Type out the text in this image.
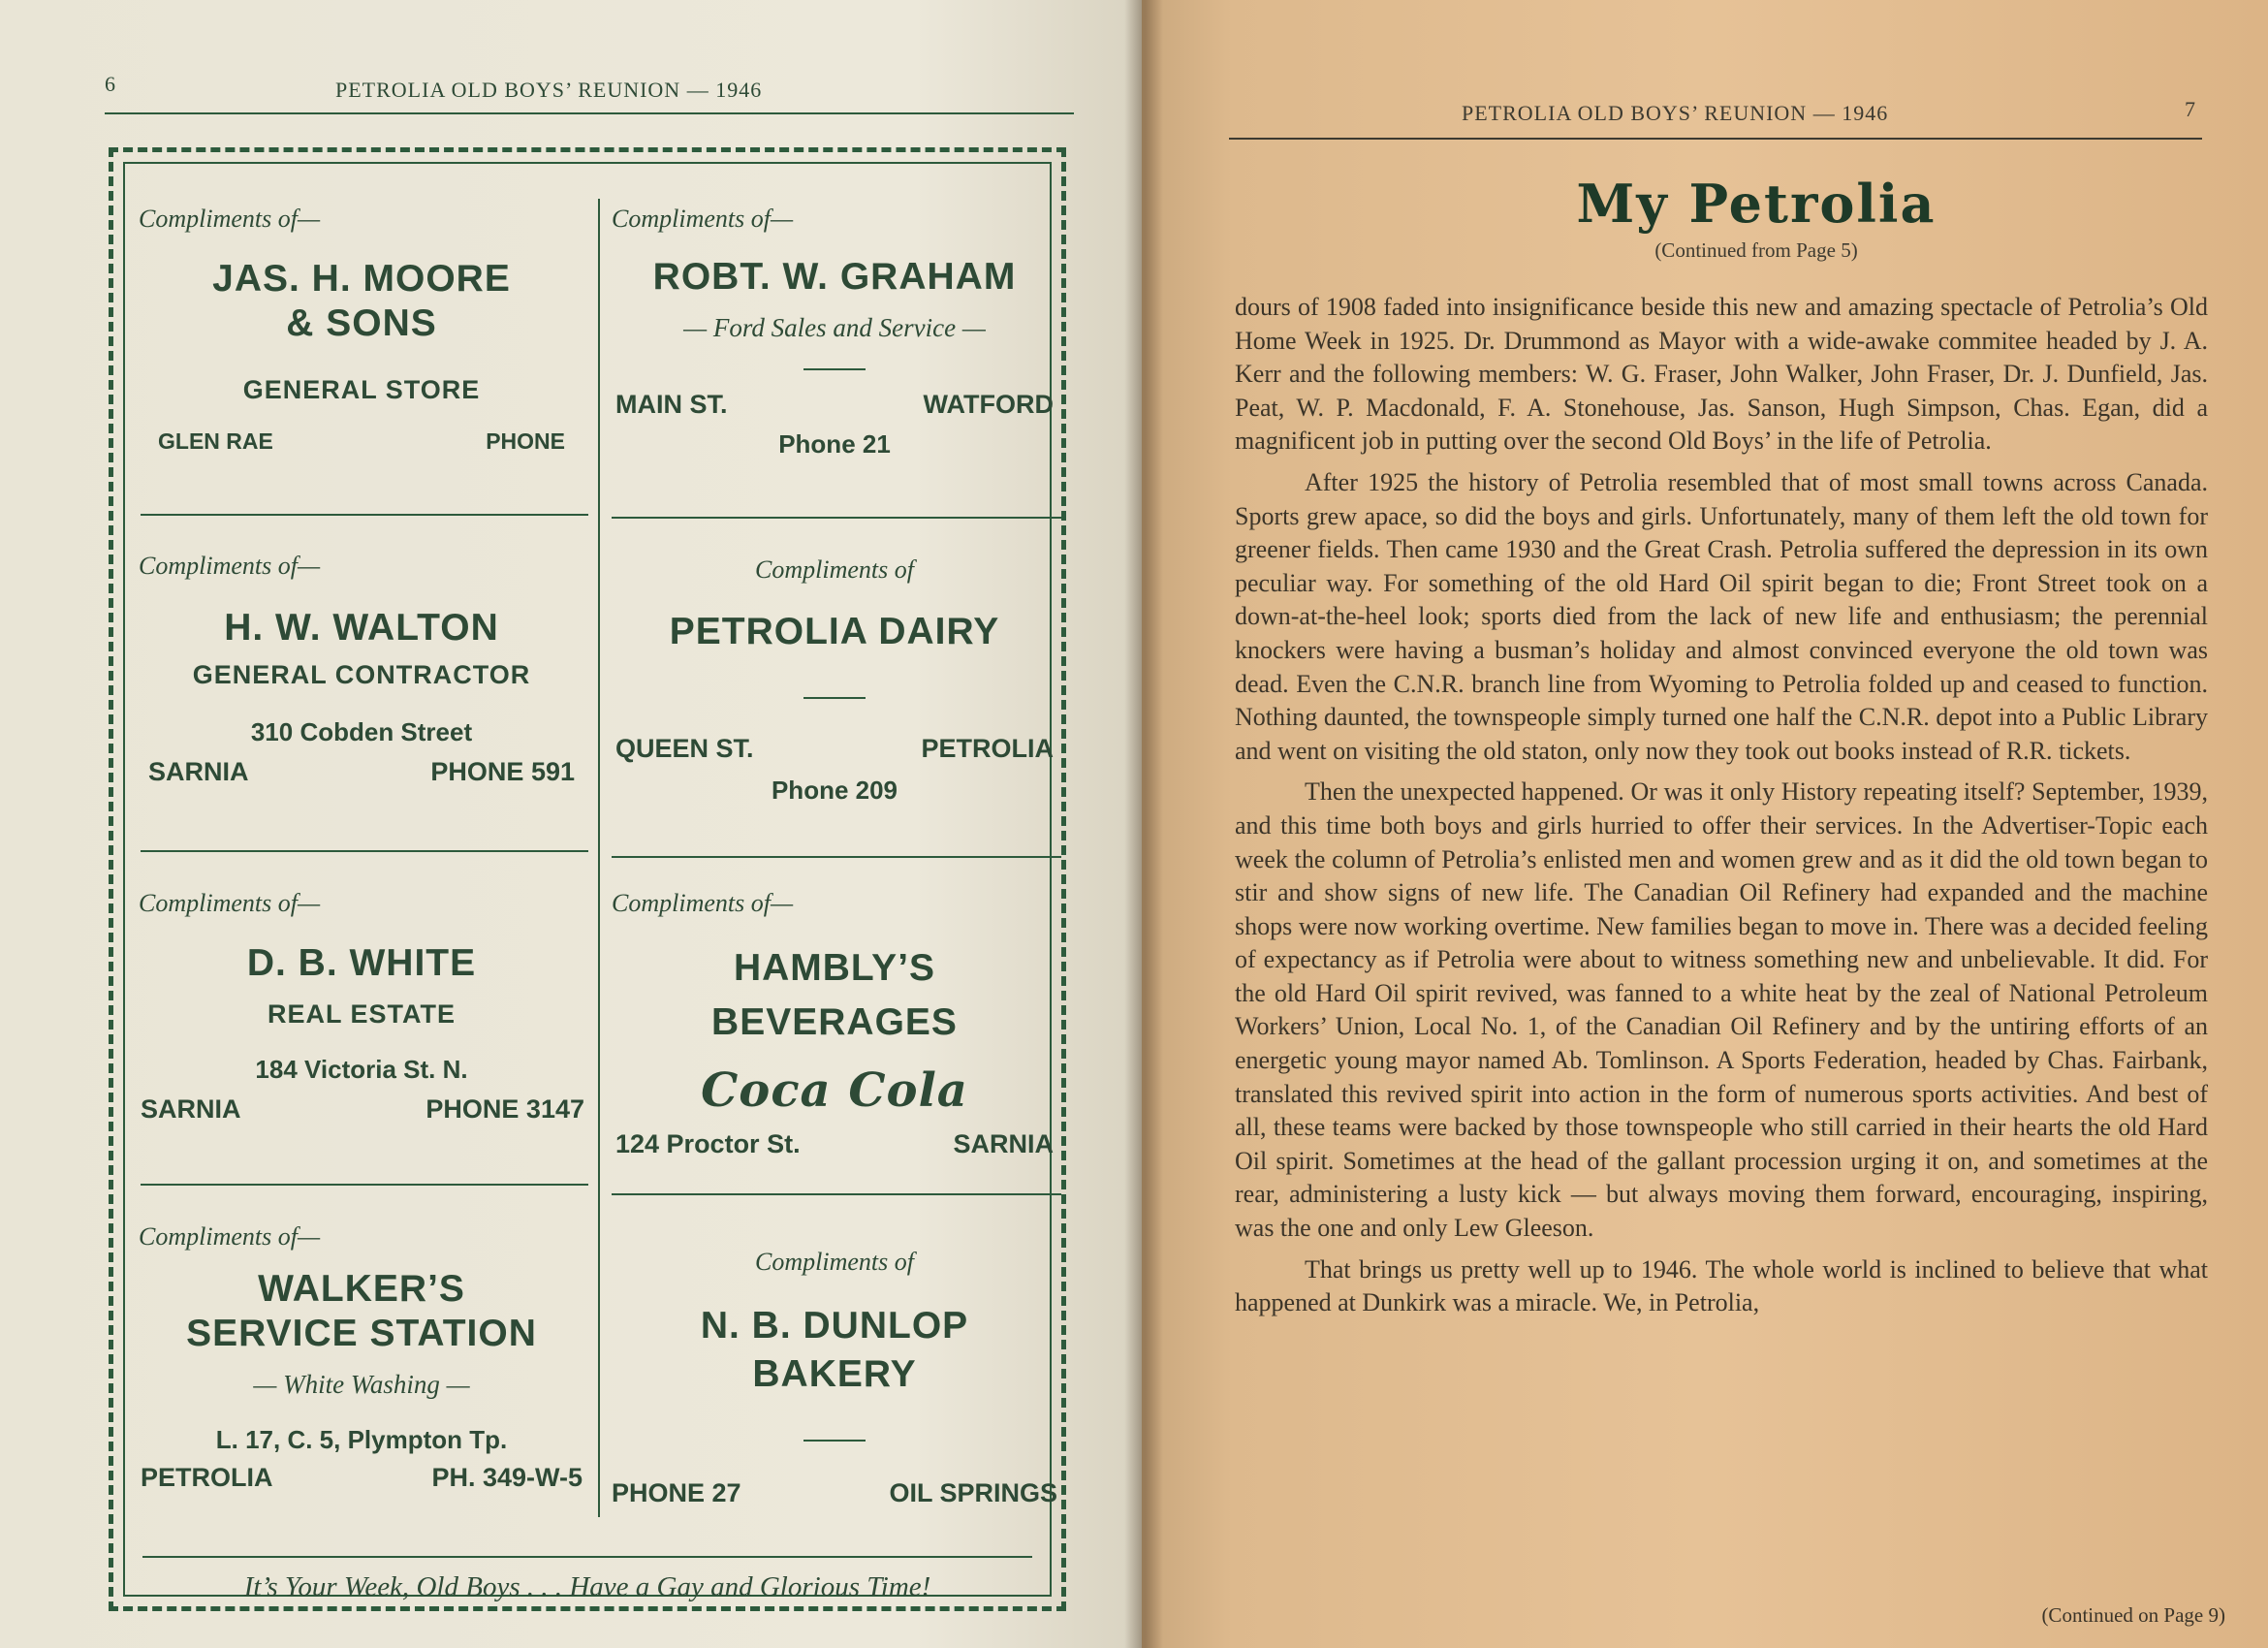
6	PETROLIA OLD BOYS’ REUNION — 1946
Compliments of—
JAS. H. MOORE
& SONS
GENERAL STORE
GLEN RAE	PHONE
Compliments of—
ROBT. W. GRAHAM
— Ford Sales and Service —
MAIN ST.	WATFORD
Phone 21
Compliments of—
H. W. WALTON
GENERAL CONTRACTOR
310 Cobden Street
SARNIA	PHONE 591
Compliments of
PETROLIA DAIRY
QUEEN ST.	PETROLIA
Phone 209
Compliments of—
D. B. WHITE
REAL ESTATE
184 Victoria St. N.
SARNIA	PHONE 3147
Compliments of—
HAMBLY’S
BEVERAGES
Coca Cola
124 Proctor St.	SARNIA
Compliments of—
WALKER’S
SERVICE STATION
— White Washing —
L. 17, C. 5, Plympton Tp.
PETROLIA	PH. 349-W-5
Compliments of
N. B. DUNLOP
BAKERY
PHONE 27	OIL SPRINGS
It’s Your Week, Old Boys . . . Have a Gay and Glorious Time!
PETROLIA OLD BOYS’ REUNION — 1946	7
My Petrolia
(Continued from Page 5)

dours of 1908 faded into insignificance beside this new and amazing spectacle of Petrolia’s Old Home Week in 1925. Dr. Drummond as Mayor with a wide-awake commitee headed by J. A. Kerr and the following members: W. G. Fraser, John Walker, John Fraser, Dr. J. Dunfield, Jas. Peat, W. P. Macdonald, F. A. Stonehouse, Jas. Sanson, Hugh Simpson, Chas. Egan, did a magnificent job in putting over the second Old Boys’ in the life of Petrolia.

After 1925 the history of Petrolia resembled that of most small towns across Canada. Sports grew apace, so did the boys and girls. Unfortunately, many of them left the old town for greener fields. Then came 1930 and the Great Crash. Petrolia suffered the depression in its own peculiar way. For something of the old Hard Oil spirit began to die; Front Street took on a down-at-the-heel look; sports died from the lack of new life and enthusiasm; the perennial knockers were having a busman’s holiday and almost convinced everyone the old town was dead. Even the C.N.R. branch line from Wyoming to Petrolia folded up and ceased to function. Nothing daunted, the townspeople simply turned one half the C.N.R. depot into a Public Library and went on visiting the old staton, only now they took out books instead of R.R. tickets.

Then the unexpected happened. Or was it only History repeating itself? September, 1939, and this time both boys and girls hurried to offer their services. In the Advertiser-Topic each week the column of Petrolia’s enlisted men and women grew and as it did the old town began to stir and show signs of new life. The Canadian Oil Refinery had expanded and the machine shops were now working overtime. New families began to move in. There was a decided feeling of expectancy as if Petrolia were about to witness something new and unbelievable. It did. For the old Hard Oil spirit revived, was fanned to a white heat by the zeal of National Petroleum Workers’ Union, Local No. 1, of the Canadian Oil Refinery and by the untiring efforts of an energetic young mayor named Ab. Tomlinson. A Sports Federation, headed by Chas. Fairbank, translated this revived spirit into action in the form of numerous sports activities. And best of all, these teams were backed by those townspeople who still carried in their hearts the old Hard Oil spirit. Sometimes at the head of the gallant procession urging it on, and sometimes at the rear, administering a lusty kick — but always moving them forward, encouraging, inspiring, was the one and only Lew Gleeson.

That brings us pretty well up to 1946. The whole world is inclined to believe that what happened at Dunkirk was a miracle. We, in Petrolia,

(Continued on Page 9)
